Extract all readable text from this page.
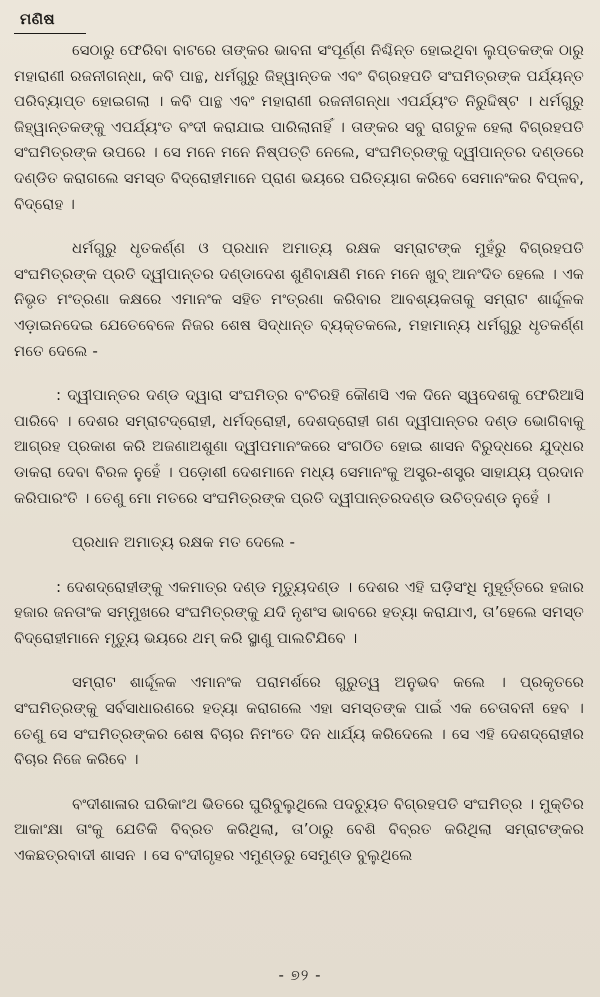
ମଣିଷ

ସେଠାରୁ ଫେରିବା ବାଟରେ ତାଙ୍କର ଭାବନା ସଂପୂର୍ଣ୍ଣ ନିଶ୍ଚିନ୍ତ ହୋଇଥିବା ଲୁପ୍ତକଙ୍କ ଠାରୁ ମହାରାଣୀ ରଜନୀଗନ୍ଧା, କବି ପାନ୍ଥ, ଧର୍ମଗୁରୁ ଜିହ୍ୱାନ୍ତକ ଏବଂ ବିଗ୍ରହପତି ସଂଘମିତ୍ରଙ୍କ ପର୍ଯ୍ୟନ୍ତ ପରିବ୍ୟାପ୍ତ ହୋଇଗଲା । କବି ପାନ୍ଥ ଏବଂ ମହାରାଣୀ ରଜନୀଗନ୍ଧା ଏପର୍ଯ୍ୟଂତ ନିରୁଦ୍ଦିଷ୍ଟ । ଧର୍ମଗୁରୁ ଜିହ୍ୱାନ୍ତକଙ୍କୁ ଏପର୍ଯ୍ୟଂତ ବଂଦୀ କରାଯାଇ ପାରିଲାନାହିଁ । ତାଙ୍କର ସବୁ ରାଗତୁଳ ହେଲା ବିଗ୍ରହପତି ସଂଘମିତ୍ରଙ୍କ ଉପରେ । ସେ ମନେ ମନେ ନିଷ୍ପତ୍ତି ନେଲେ, ସଂଘମିତ୍ରଙ୍କୁ ଦ୍ୱୀପାନ୍ତର ଦଣ୍ଡରେ ଦଣ୍ଡିତ କରାଗଲେ ସମସ୍ତ ବିଦ୍ରୋହୀମାନେ ପ୍ରାଣ ଭୟରେ ପରିତ୍ୟାଗ କରିବେ ସେମାନଂକର ବିପ୍ଳବ, ବିଦ୍ରୋହ ।

ଧର୍ମଗୁରୁ ଧୃତକର୍ଣ୍ଣ ଓ ପ୍ରଧାନ ଅମାତ୍ୟ ରକ୍ଷକ ସମ୍ରାଟଙ୍କ ମୁହଁରୁ ବିଗ୍ରହପତି ସଂଘମିତ୍ରଙ୍କ ପ୍ରତି ଦ୍ୱୀପାନ୍ତର ଦଣ୍ଡାଦେଶ ଶୁଣିବାକ୍ଷଣି ମନେ ମନେ ଖୁବ୍ ଆନଂଦିତ ହେଲେ । ଏକ ନିଭୃତ ମଂତ୍ରଣା କକ୍ଷରେ ଏମାନଂକ ସହିତ ମଂତ୍ରଣା କରିବାର ଆବଶ୍ୟକତାକୁ ସମ୍ରାଟ ଶାର୍ଦ୍ଦୂଳକ ଏଡ଼ାଇନଦେଇ ଯେତେବେଳେ ନିଜର ଶେଷ ସିଦ୍ଧାନ୍ତ ବ୍ୟକ୍ତକଲେ, ମହାମାନ୍ୟ ଧର୍ମଗୁରୁ ଧୃତକର୍ଣ୍ଣ ମତେ ଦେଲେ -

: ଦ୍ୱୀପାନ୍ତର ଦଣ୍ଡ ଦ୍ୱାରା ସଂଘମିତ୍ର ବଂଚିରହି କୌଣସି ଏକ ଦିନେ ସ୍ୱଦେଶକୁ ଫେରିଆସି ପାରିବେ । ଦେଶର ସମ୍ରାଟଦ୍ରୋହୀ, ଧର୍ମଦ୍ରୋହୀ, ଦେଶଦ୍ରୋହୀ ଗଣ ଦ୍ୱୀପାନ୍ତର ଦଣ୍ଡ ଭୋଗିବାକୁ ଆଗ୍ରହ ପ୍ରକାଶ କରି ଅଜଣାଅଶୁଣା ଦ୍ୱୀପମାନଂକରେ ସଂଗଠିତ ହୋଇ ଶାସନ ବିରୁଦ୍ଧରେ ଯୁଦ୍ଧର ଡାକରା ଦେବା ବିରଳ ନୁହେଁ । ପଡ଼ୋଶୀ ଦେଶମାନେ ମଧ୍ୟ ସେମାନଂକୁ ଅସ୍ତ୍ର-ଶସ୍ତ୍ର ସାହାଯ୍ୟ ପ୍ରଦାନ କରିପାରଂତି । ତେଣୁ ମୋ ମତରେ ସଂଘମିତ୍ରଙ୍କ ପ୍ରତି ଦ୍ୱୀପାନ୍ତରଦଣ୍ଡ ଉଚିତ୍‌ଦଣ୍ଡ ନୁହେଁ ।

ପ୍ରଧାନ ଅମାତ୍ୟ ରକ୍ଷକ ମତ ଦେଲେ -

: ଦେଶଦ୍ରୋହୀଙ୍କୁ ଏକମାତ୍ର ଦଣ୍ଡ ମୃତ୍ୟୁଦଣ୍ଡ । ଦେଶର ଏହି ଘଡ଼ିସଂଧି ମୁହୂର୍ତ୍ତରେ ହଜାର ହଜାର ଜନତାଂକ ସମ୍ମୁଖରେ ସଂଘମିତ୍ରଙ୍କୁ ଯଦି ନୃଶଂସ ଭାବରେ ହତ୍ୟା କରାଯାଏ, ତା’ହେଲେ ସମସ୍ତ ବିଦ୍ରୋହୀମାନେ ମୃତ୍ୟୁ ଭୟରେ ଥମ୍ କରି ସ୍ଥାଣୁ ପାଲଟିଯିବେ ।

ସମ୍ରାଟ ଶାର୍ଦ୍ଦୂଳକ ଏମାନଂକ ପରାମର୍ଶରେ ଗୁରୁତ୍ୱ ଅନୁଭବ କଲେ । ପ୍ରକୃତରେ ସଂଘମିତ୍ରଙ୍କୁ ସର୍ବସାଧାରଣରେ ହତ୍ୟା କରାଗଲେ ଏହା ସମସ୍ତଙ୍କ ପାଇଁ ଏକ ଚେତାବନୀ ହେବ । ତେଣୁ ସେ ସଂଘମିତ୍ରଙ୍କର ଶେଷ ବିଚାର ନିମଂତେ ଦିନ ଧାର୍ଯ୍ୟ କରିଦେଲେ । ସେ ଏହି ଦେଶଦ୍ରୋହୀର ବିଚାର ନିଜେ କରିବେ ।

ବଂଦୀଶାଳାର ଘରିକାଂଥ ଭିତରେ ଘୁରିବୁଲୁଥିଲେ ପଦଚ୍ୟୁତ ବିଗ୍ରହପତି ସଂଘମିତ୍ର । ମୁକ୍ତିର ଆକାଂକ୍ଷା ତାଂକୁ ଯେତିକି ବିବ୍ରତ କରିଥିଲା, ତା’ଠାରୁ ବେଶି ବିବ୍ରତ କରିଥିଲା ସମ୍ରାଟଙ୍କର ଏକଛତ୍ରବାଦୀ ଶାସନ । ସେ ବଂଦୀଗୃହର ଏମୁଣ୍ଡରୁ ସେମୁଣ୍ଡ ବୁଲୁଥିଲେ

- ୭୨ -
